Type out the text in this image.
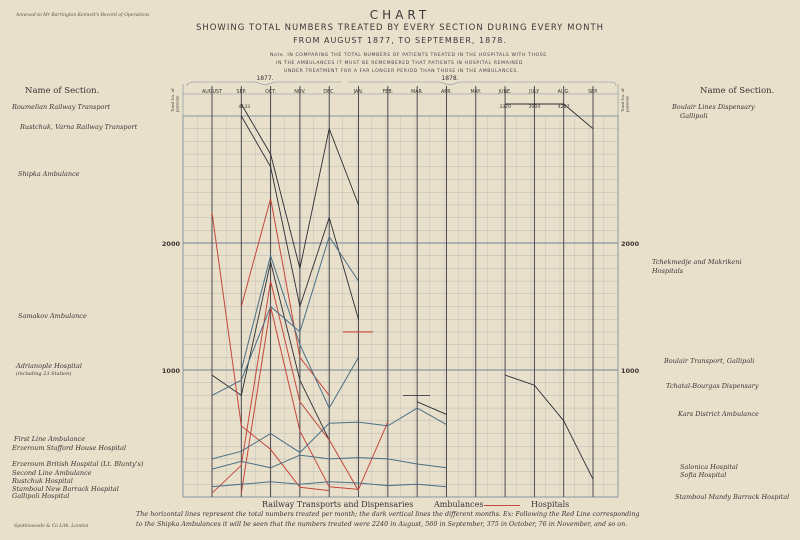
Annexed to Mr Barrington Kennett's Record of Operations	CHART
SHOWING TOTAL NUMBERS TREATED BY EVERY SECTION DURING EVERY MONTH
FROM AUGUST 1877, TO SEPTEMBER, 1878.
Note. IN COMPARING THE TOTAL NUMBERS OF PATIENTS TREATED IN THE HOSPITALS WITH THOSE
IN THE AMBULANCES IT MUST BE REMEMBERED THAT PATIENTS IN HOSPITAL REMAINED
UNDER TREATMENT FOR A FAR LONGER PERIOD THAN THOSE IN THE AMBULANCES.
Name of Section.	Total No. of patients	Total No. of patients
Roumelian Railway Transport
Rustchuk, Varna Railway Transport
Shipka Ambulance
Samakov Ambulance
Adrianople Hospital
(including 23 Station)
First Line Ambulance
Erzeroum Stafford House Hospital
Erzeroum British Hospital (Lt. Blunty's)
Second Line Ambulance
Rustchuk Hospital
Stamboul New Barrack Hospital
Gallipoli Hospital
Name of Section.
Boulair Lines Dispensary
Gallipoli
Tchekmedje and Makrikeni
Hospitals
Boulair Transport, Gallipoli
Tchatal-Bourgas Dispensary
Kars District Ambulance
Salonica Hospital
Sofia Hospital
Stamboul Mandy Barrack Hospital
AUGUST	SEP.	OCT.	NOV.	DEC.	JAN.	FEB.	MAR.	APR.	MAY.	JUNE.	JULY.	AUG.	SEP.
1877.	1878.
1000	1000
2000	2000
4133	3320	3004	4267
Railway Transports and Dispensaries	Ambulances	Hospitals
The horizontal lines represent the total numbers treated per month; the dark vertical lines the different months. Ex: Following the Red Line corresponding
to the Shipka Ambulances it will be seen that the numbers treated were 2240 in August, 560 in September, 375 in October, 76 in November, and so on.
Spottiswoode & Co Lith. London
